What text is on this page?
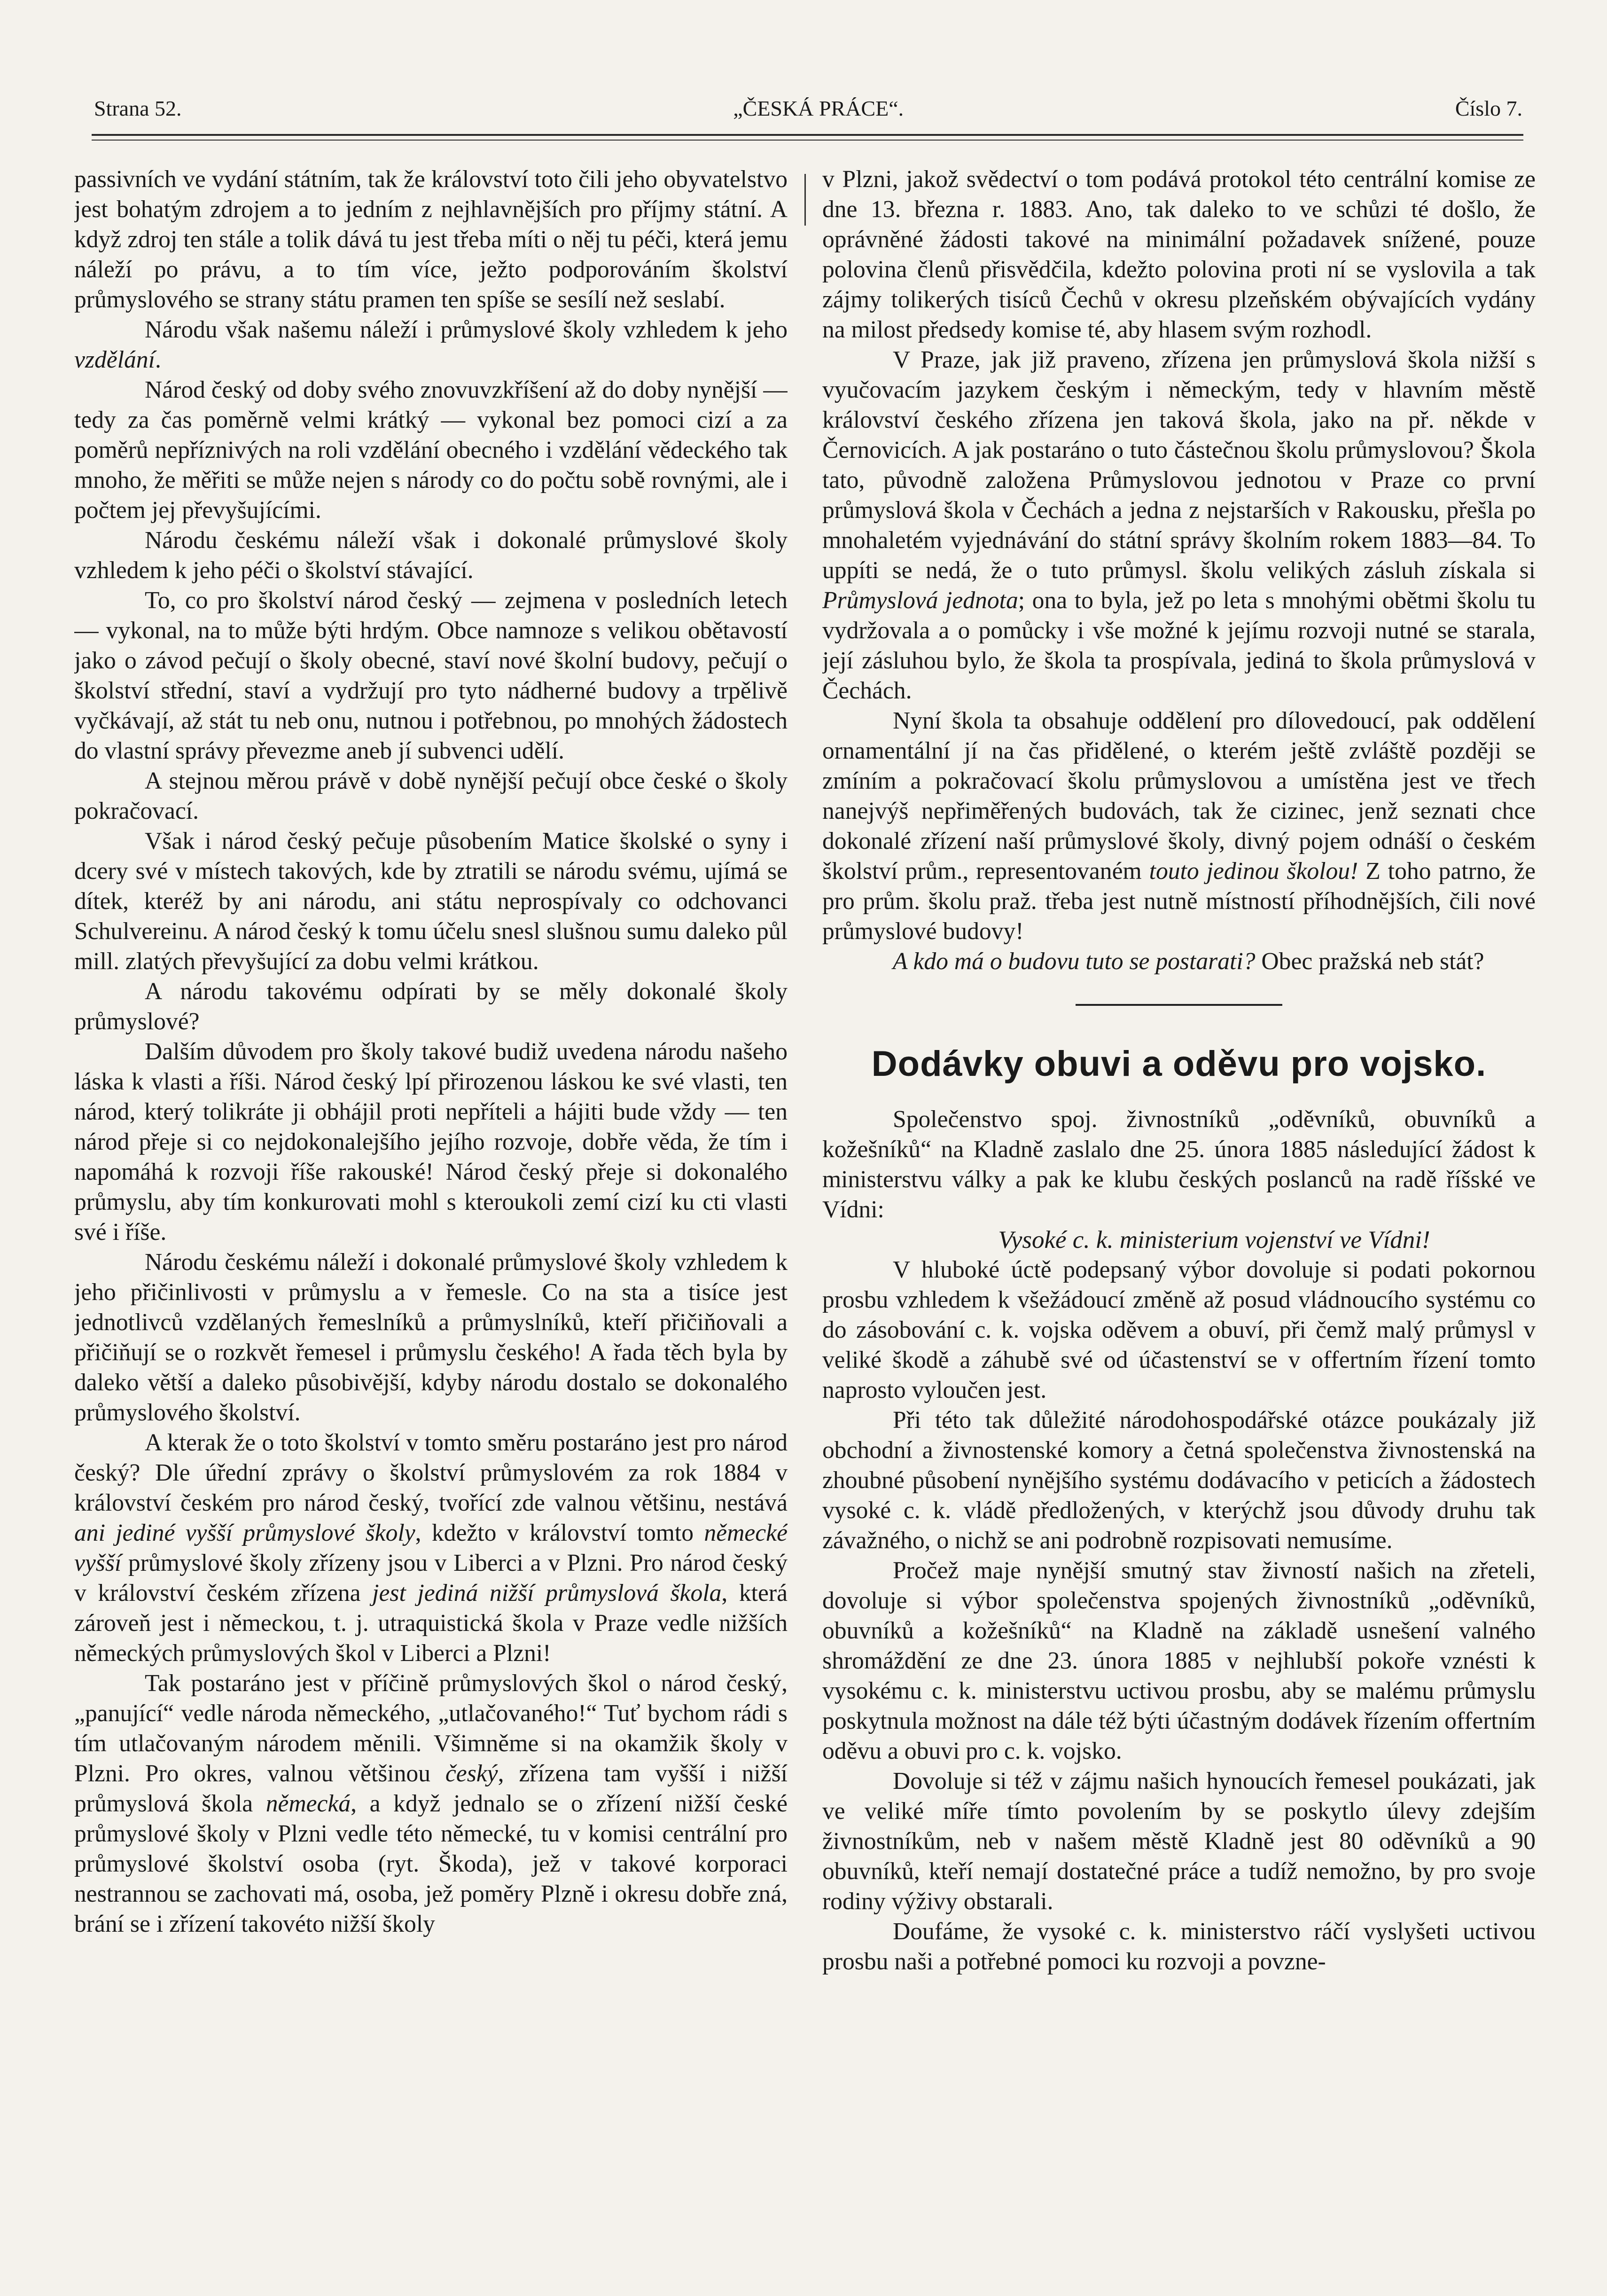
Strana 52.	„ČESKÁ PRÁCE“.	Číslo 7.

passivních ve vydání státním, tak že království toto čili jeho obyvatelstvo jest bohatým zdrojem a to jedním z nejhlavnějších pro příjmy státní. A když zdroj ten stále a tolik dává tu jest třeba míti o něj tu péči, která jemu náleží po právu, a to tím více, ježto podporováním školství průmyslového se strany státu pramen ten spíše se sesílí než seslabí.

Národu však našemu náleží i průmyslové školy vzhledem k jeho vzdělání.

Národ český od doby svého znovuvzkříšení až do doby nynější — tedy za čas poměrně velmi krátký — vykonal bez pomoci cizí a za poměrů nepříznivých na roli vzdělání obecného i vzdělání vědeckého tak mnoho, že měřiti se může nejen s národy co do počtu sobě rovnými, ale i počtem jej převyšujícími.

Národu českému náleží však i dokonalé průmyslové školy vzhledem k jeho péči o školství stávající.

To, co pro školství národ český — zejmena v posledních letech — vykonal, na to může býti hrdým. Obce namnoze s velikou obětavostí jako o závod pečují o školy obecné, staví nové školní budovy, pečují o školství střední, staví a vydržují pro tyto nádherné budovy a trpělivě vyčkávají, až stát tu neb onu, nutnou i potřebnou, po mnohých žádostech do vlastní správy převezme aneb jí subvenci udělí.

A stejnou měrou právě v době nynější pečují obce české o školy pokračovací.

Však i národ český pečuje působením Matice školské o syny i dcery své v místech takových, kde by ztratili se národu svému, ujímá se dítek, kteréž by ani národu, ani státu neprospívaly co odchovanci Schulvereinu. A národ český k tomu účelu snesl slušnou sumu daleko půl mill. zlatých převyšující za dobu velmi krátkou.

A národu takovému odpírati by se měly dokonalé školy průmyslové?

Dalším důvodem pro školy takové budiž uvedena národu našeho láska k vlasti a říši. Národ český lpí přirozenou láskou ke své vlasti, ten národ, který tolikráte ji obhájil proti nepříteli a hájiti bude vždy — ten národ přeje si co nejdokonalejšího jejího rozvoje, dobře věda, že tím i napomáhá k rozvoji říše rakouské! Národ český přeje si dokonalého průmyslu, aby tím konkurovati mohl s kteroukoli zemí cizí ku cti vlasti své i říše.

Národu českému náleží i dokonalé průmyslové školy vzhledem k jeho přičinlivosti v průmyslu a v řemesle. Co na sta a tisíce jest jednotlivců vzdělaných řemeslníků a průmyslníků, kteří přičiňovali a přičiňují se o rozkvět řemesel i průmyslu českého! A řada těch byla by daleko větší a daleko působivější, kdyby národu dostalo se dokonalého průmyslového školství.

A kterak že o toto školství v tomto směru postaráno jest pro národ český? Dle úřední zprávy o školství průmyslovém za rok 1884 v království českém pro národ český, tvořící zde valnou většinu, nestává ani jediné vyšší průmyslové školy, kdežto v království tomto německé vyšší průmyslové školy zřízeny jsou v Liberci a v Plzni. Pro národ český v království českém zřízena jest jediná nižší průmyslová škola, která zároveň jest i německou, t. j. utraquistická škola v Praze vedle nižších německých průmyslových škol v Liberci a Plzni!

Tak postaráno jest v příčině průmyslových škol o národ český, „panující“ vedle národa německého, „utlačovaného!“ Tuť bychom rádi s tím utlačovaným národem měnili. Všimněme si na okamžik školy v Plzni. Pro okres, valnou většinou český, zřízena tam vyšší i nižší průmyslová škola německá, a když jednalo se o zřízení nižší české průmyslové školy v Plzni vedle této německé, tu v komisi centrální pro průmyslové školství osoba (ryt. Škoda), jež v takové korporaci nestrannou se zachovati má, osoba, jež poměry Plzně i okresu dobře zná, brání se i zřízení takovéto nižší školy

v Plzni, jakož svědectví o tom podává protokol této centrální komise ze dne 13. března r. 1883. Ano, tak daleko to ve schůzi té došlo, že oprávněné žádosti takové na minimální požadavek snížené, pouze polovina členů přisvědčila, kdežto polovina proti ní se vyslovila a tak zájmy tolikerých tisíců Čechů v okresu plzeňském obývajících vydány na milost předsedy komise té, aby hlasem svým rozhodl.

V Praze, jak již praveno, zřízena jen průmyslová škola nižší s vyučovacím jazykem českým i německým, tedy v hlavním městě království českého zřízena jen taková škola, jako na př. někde v Černovicích. A jak postaráno o tuto částečnou školu průmyslovou? Škola tato, původně založena Průmyslovou jednotou v Praze co první průmyslová škola v Čechách a jedna z nejstarších v Rakousku, přešla po mnohaletém vyjednávání do státní správy školním rokem 1883—84. To uppíti se nedá, že o tuto průmysl. školu velikých zásluh získala si Průmyslová jednota; ona to byla, jež po leta s mnohými obětmi školu tu vydržovala a o pomůcky i vše možné k jejímu rozvoji nutné se starala, její zásluhou bylo, že škola ta prospívala, jediná to škola průmyslová v Čechách.

Nyní škola ta obsahuje oddělení pro dílovedoucí, pak oddělení ornamentální jí na čas přidělené, o kterém ještě zvláště později se zmíním a pokračovací školu průmyslovou a umístěna jest ve třech nanejvýš nepřiměřených budovách, tak že cizinec, jenž seznati chce dokonalé zřízení naší průmyslové školy, divný pojem odnáší o českém školství prům., representovaném touto jedinou školou! Z toho patrno, že pro prům. školu praž. třeba jest nutně místností příhodnějších, čili nové průmyslové budovy!

A kdo má o budovu tuto se postarati? Obec pražská neb stát?

Dodávky obuvi a oděvu pro vojsko.

Společenstvo spoj. živnostníků „oděvníků, obuvníků a kožešníků“ na Kladně zaslalo dne 25. února 1885 následující žádost k ministerstvu války a pak ke klubu českých poslanců na radě říšské ve Vídni:

Vysoké c. k. ministerium vojenství ve Vídni!

V hluboké úctě podepsaný výbor dovoluje si podati pokornou prosbu vzhledem k všežádoucí změně až posud vládnoucího systému co do zásobování c. k. vojska oděvem a obuví, při čemž malý průmysl v veliké škodě a záhubě své od účastenství se v offertním řízení tomto naprosto vyloučen jest.

Při této tak důležité národohospodářské otázce poukázaly již obchodní a živnostenské komory a četná společenstva živnostenská na zhoubné působení nynějšího systému dodávacího v peticích a žádostech vysoké c. k. vládě předložených, v kterýchž jsou důvody druhu tak závažného, o nichž se ani podrobně rozpisovati nemusíme.

Pročež maje nynější smutný stav živností našich na zřeteli, dovoluje si výbor společenstva spojených živnostníků „oděvníků, obuvníků a kožešníků“ na Kladně na základě usnešení valného shromáždění ze dne 23. února 1885 v nejhlubší pokoře vznésti k vysokému c. k. ministerstvu uctivou prosbu, aby se malému průmyslu poskytnula možnost na dále též býti účastným dodávek řízením offertním oděvu a obuvi pro c. k. vojsko.

Dovoluje si též v zájmu našich hynoucích řemesel poukázati, jak ve veliké míře tímto povolením by se poskytlo úlevy zdejším živnostníkům, neb v našem městě Kladně jest 80 oděvníků a 90 obuvníků, kteří nemají dostatečné práce a tudíž nemožno, by pro svoje rodiny výživy obstarali.

Doufáme, že vysoké c. k. ministerstvo ráčí vyslyšeti uctivou prosbu naši a potřebné pomoci ku rozvoji a povzne-
